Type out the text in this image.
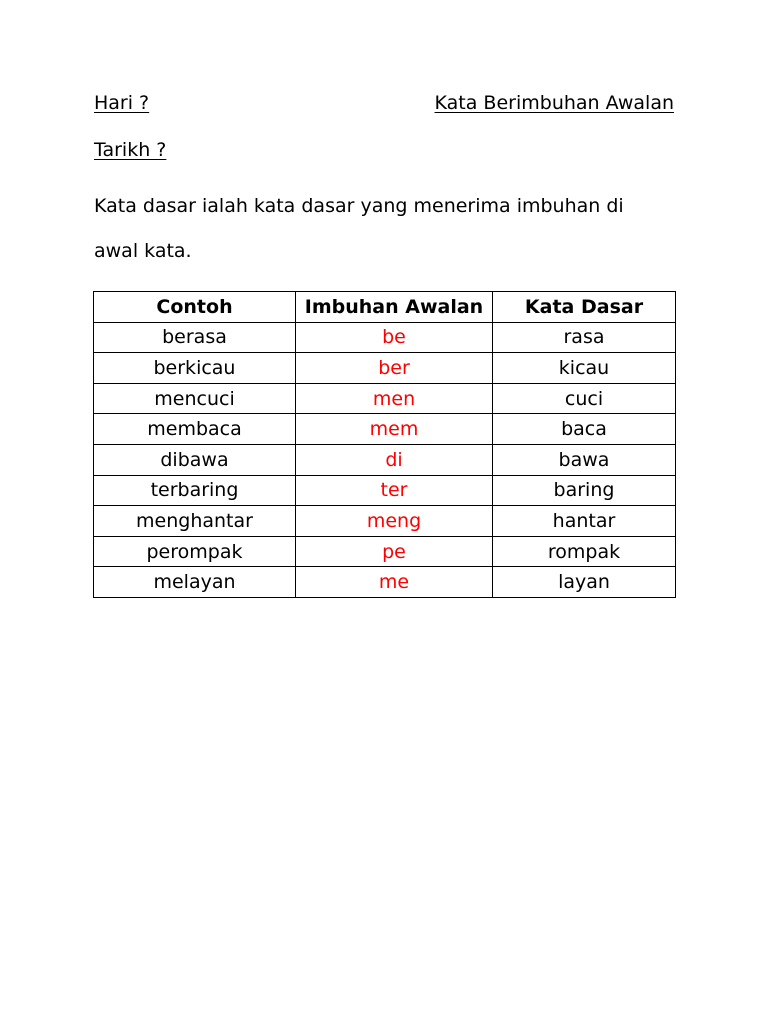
Hari ?	Kata Berimbuhan Awalan
Tarikh ?
Kata dasar ialah kata dasar yang menerima imbuhan di
awal kata.
Contoh	Imbuhan Awalan	Kata Dasar
berasa	be	rasa
berkicau	ber	kicau
mencuci	men	cuci
membaca	mem	baca
dibawa	di	bawa
terbaring	ter	baring
menghantar	meng	hantar
perompak	pe	rompak
melayan	me	layan
